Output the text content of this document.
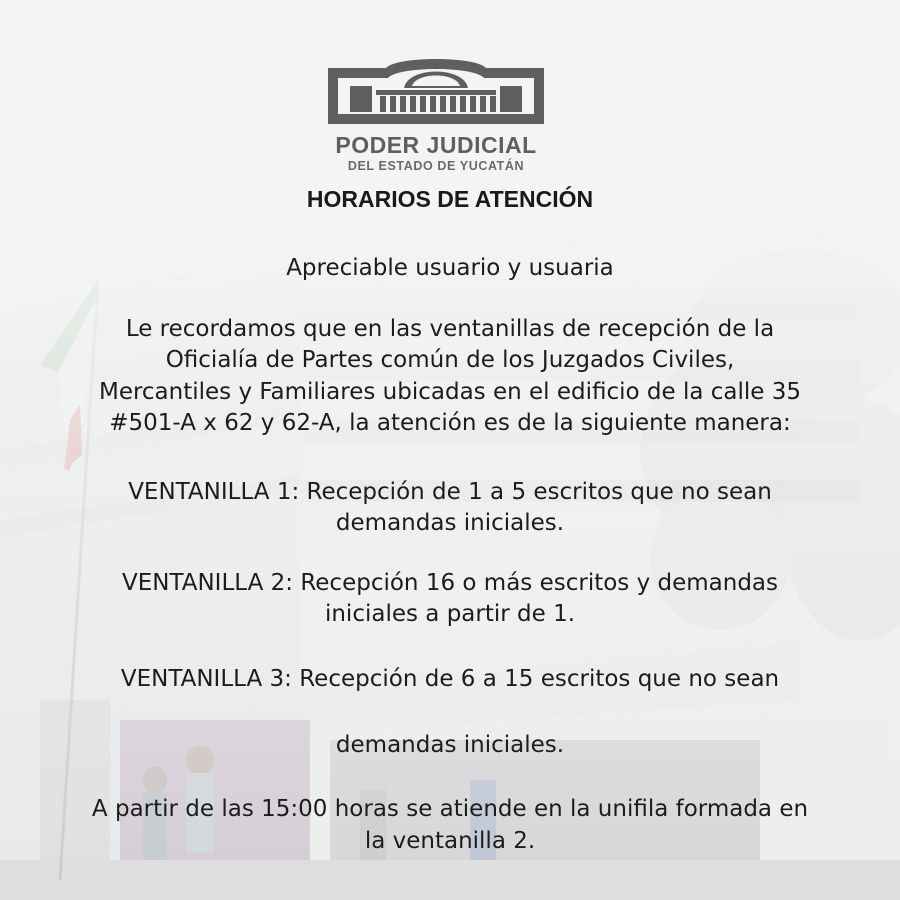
PODER JUDICIAL
DEL ESTADO DE YUCATÁN
HORARIOS DE ATENCIÓN
Apreciable usuario y usuaria
Le recordamos que en las ventanillas de recepción de la
Oficialía de Partes común de los Juzgados Civiles,
Mercantiles y Familiares ubicadas en el edificio de la calle 35
#501-A x 62 y 62-A, la atención es de la siguiente manera:
VENTANILLA 1: Recepción de 1 a 5 escritos que no sean
demandas iniciales.
VENTANILLA 2: Recepción 16 o más escritos y demandas
iniciales a partir de 1.
VENTANILLA 3: Recepción de 6 a 15 escritos que no sean
demandas iniciales.
A partir de las 15:00 horas se atiende en la unifila formada en
la ventanilla 2.
